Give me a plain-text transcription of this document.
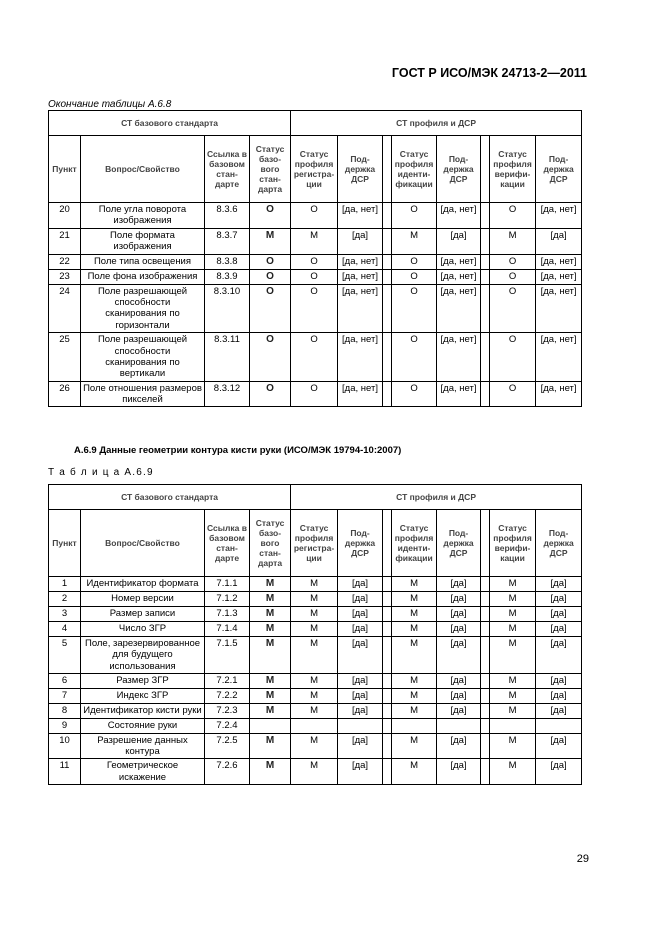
ГОСТ Р ИСО/МЭК 24713-2—2011
Окончание таблицы А.6.8
СТ базового стандарта				СТ профиля и ДСР							
Пункт	Вопрос/Свойство	Ссылка в базовом стан-дарте	Статус базо-вого стан-дарта	Статус профиля регистра-ции	Под-держка ДСР		Статус профиля иденти-фикации	Под-держка ДСР		Статус профиля верифи-кации	Под-держка ДСР
20	Поле угла поворота изображения	8.3.6	O	O	[да, нет]		O	[да, нет]		O	[да, нет]
21	Поле формата изображения	8.3.7	M	M	[да]		M	[да]		M	[да]
22	Поле типа освещения	8.3.8	O	O	[да, нет]		O	[да, нет]		O	[да, нет]
23	Поле фона изображения	8.3.9	O	O	[да, нет]		O	[да, нет]		O	[да, нет]
24	Поле разрешающей способности сканирования по горизонтали	8.3.10	O	O	[да, нет]		O	[да, нет]		O	[да, нет]
25	Поле разрешающей способности сканирования по вертикали	8.3.11	O	O	[да, нет]		O	[да, нет]		O	[да, нет]
26	Поле отношения размеров пикселей	8.3.12	O	O	[да, нет]		O	[да, нет]		O	[да, нет]
А.6.9 Данные геометрии контура кисти руки (ИСО/МЭК 19794-10:2007)
Т а б л и ц а А.6.9
СТ базового стандарта				СТ профиля и ДСР							
Пункт	Вопрос/Свойство	Ссылка в базовом стан-дарте	Статус базо-вого стан-дарта	Статус профиля регистра-ции	Под-держка ДСР		Статус профиля иденти-фикации	Под-держка ДСР		Статус профиля верифи-кации	Под-держка ДСР
1	Идентификатор формата	7.1.1	M	M	[да]		M	[да]		M	[да]
2	Номер версии	7.1.2	M	M	[да]		M	[да]		M	[да]
3	Размер записи	7.1.3	M	M	[да]		M	[да]		M	[да]
4	Число ЗГР	7.1.4	M	M	[да]		M	[да]		M	[да]
5	Поле, зарезервированное для будущего использования	7.1.5	M	M	[да]		M	[да]		M	[да]
6	Размер ЗГР	7.2.1	M	M	[да]		M	[да]		M	[да]
7	Индекс ЗГР	7.2.2	M	M	[да]		M	[да]		M	[да]
8	Идентификатор кисти руки	7.2.3	M	M	[да]		M	[да]		M	[да]
9	Состояние руки	7.2.4									
10	Разрешение данных контура	7.2.5	M	M	[да]		M	[да]		M	[да]
11	Геометрическое искажение	7.2.6	M	M	[да]		M	[да]		M	[да]
29
